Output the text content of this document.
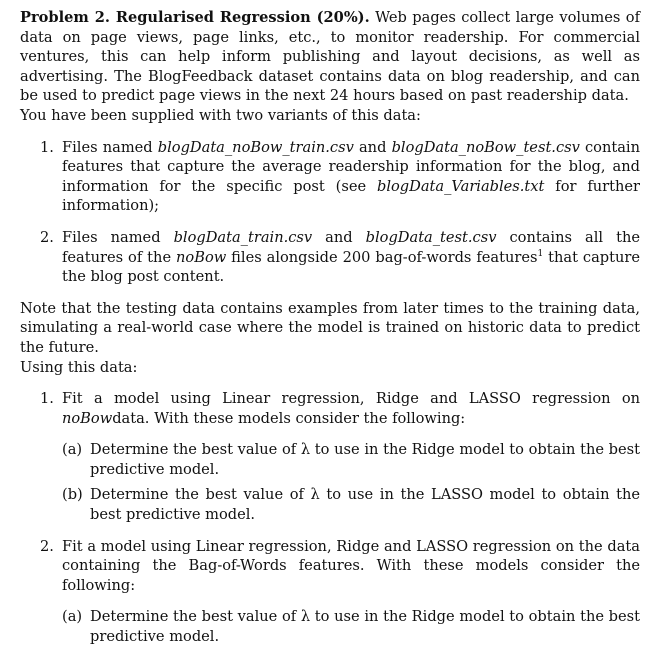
Problem 2. Regularised Regression (20%). Web pages collect large volumes of data on page views, page links, etc., to monitor readership. For commercial ventures, this can help inform publishing and layout decisions, as well as advertising. The BlogFeedback dataset contains data on blog readership, and can be used to predict page views in the next 24 hours based on past readership data.

You have been supplied with two variants of this data:

1. Files named blogData_noBow_train.csv and blogData_noBow_test.csv contain features that capture the average readership information for the blog, and information for the specific post (see blogData_Variables.txt for further information);
2. Files named blogData_train.csv and blogData_test.csv contains all the features of the noBow files alongside 200 bag-of-words features$^1$ that capture the blog post content.

Note that the testing data contains examples from later times to the training data, simulating a real-world case where the model is trained on historic data to predict the future.

Using this data:

1. Fit a model using Linear regression, Ridge and LASSO regression on noBowdata. With these models consider the following:
(a) Determine the best value of λ to use in the Ridge model to obtain the best predictive model.
(b) Determine the best value of λ to use in the LASSO model to obtain the best predictive model.
2. Fit a model using Linear regression, Ridge and LASSO regression on the data containing the Bag-of-Words features. With these models consider the following:
(a) Determine the best value of λ to use in the Ridge model to obtain the best predictive model.
